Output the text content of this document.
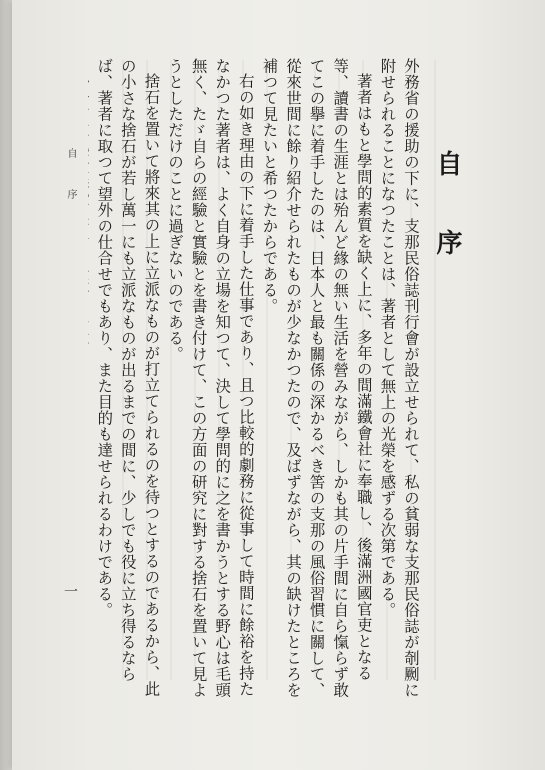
自 序

外務省の援助の下に、支那民俗誌刊行會が設立せられて、私の貧弱な支那民俗誌が剞劂に附せられることになつたことは、著者として無上の光榮を感ずる次第である。

著者はもと學問的素質を缺く上に、多年の間滿鐵會社に奉職し、後滿洲國官吏となる等、讀書の生涯とは殆んど緣の無い生活を營みながら、しかも其の片手間に自ら愾らず敢てこの擧に着手したのは、日本人と最も關係の深かるべき筈の支那の風俗習慣に關して、從來世間に餘り紹介せられたものが少なかつたので、及ばずながら、其の缺けたところを補つて見たいと希つたからである。

右の如き理由の下に着手した仕事であり、且つ比較的劇務に從事して時間に餘裕を持たなかつた著者は、よく自身の立場を知つて、決して學問的に之を書かうとする野心は毛頭無く、たゞ自らの經驗と實驗とを書き付けて、この方面の研究に對する捨石を置いて見ようとしただけのことに過ぎないのである。

捨石を置いて將來其の上に立派なものが打立てられるのを待つとするのであるから、此の小さな捨石が若し萬一にも立派なものが出るまでの間に、少しでも役に立ち得るならば、著者に取つて望外の仕合せでもあり、また目的も達せられるわけである。

自 序
一
